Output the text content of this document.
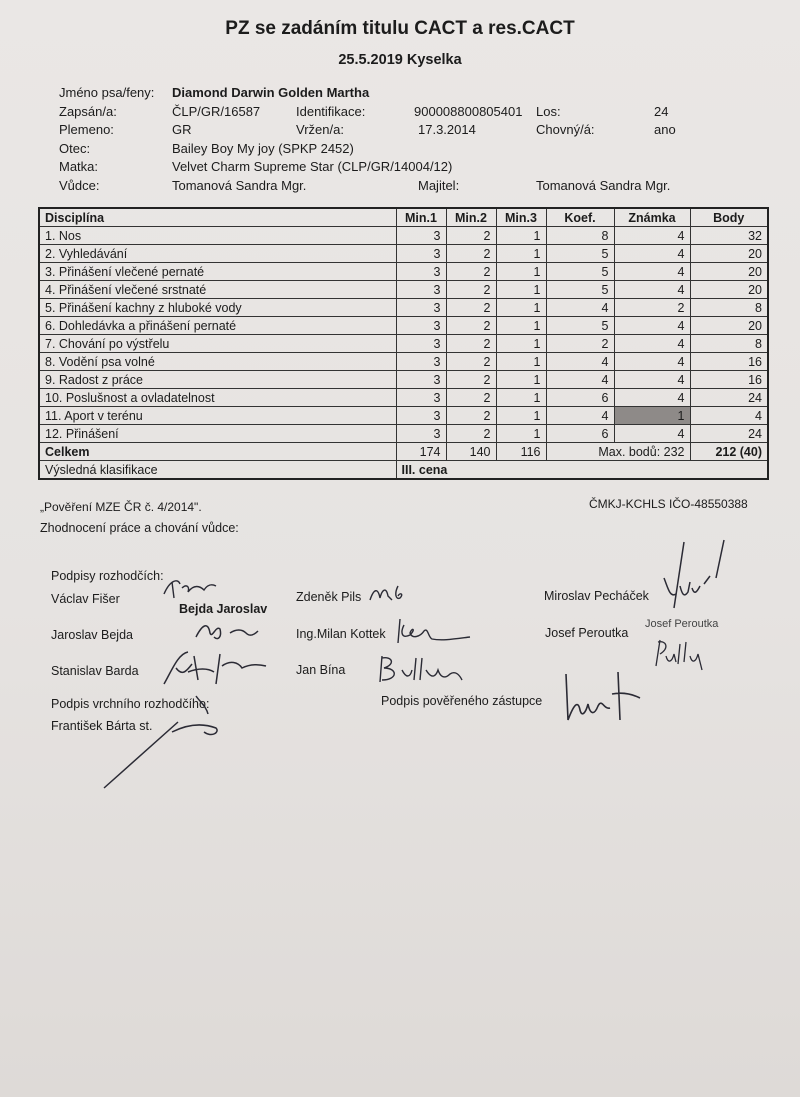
PZ se zadáním titulu CACT a res.CACT
25.5.2019 Kyselka
Jméno psa/feny: Diamond Darwin Golden Martha
Zapsán/a:	ČLP/GR/16587	Identifikace:	900008800805401 Los:	24
Plemeno:	GR	Vržen/a:	17.3.2014	Chovný/á:	ano
Otec:	Bailey Boy My joy (SPKP 2452)
Matka:	Velvet Charm Supreme Star (CLP/GR/14004/12)
Vůdce:	Tomanová Sandra Mgr.	Majitel:	Tomanová Sandra Mgr.
Disciplína	Min.1	Min.2	Min.3	Koef.	Známka	Body
1. Nos	3	2	1	8	4	32
2. Vyhledávání	3	2	1	5	4	20
3. Přinášení vlečené pernaté	3	2	1	5	4	20
4. Přinášení vlečené srstnaté	3	2	1	5	4	20
5. Přinášení kachny z hluboké vody	3	2	1	4	2	8
6. Dohledávka a přinášení pernaté	3	2	1	5	4	20
7. Chování po výstřelu	3	2	1	2	4	8
8. Vodění psa volné	3	2	1	4	4	16
9. Radost z práce	3	2	1	4	4	16
10. Poslušnost a ovladatelnost	3	2	1	6	4	24
11. Aport v terénu	3	2	1	4	1	4
12. Přinášení	3	2	1	6	4	24
Celkem	174	140	116	Max. bodů: 232		212 (40)
Výsledná klasifikace	III. cena					
„Pověření MZE ČR č. 4/2014".	ČMKJ-KCHLS IČO-48550388
Zhodnocení práce a chování vůdce:
Podpisy rozhodčích:
Václav Fišer	Zdeněk Pils	Miroslav Pecháček
Bejda Jaroslav
Jaroslav Bejda	Ing.Milan Kottek	Josef Peroutka
Josef Peroutka
Stanislav Barda	Jan Bína
Podpis vrchního rozhodčího:	Podpis pověřeného zástupce
František Bárta st.
